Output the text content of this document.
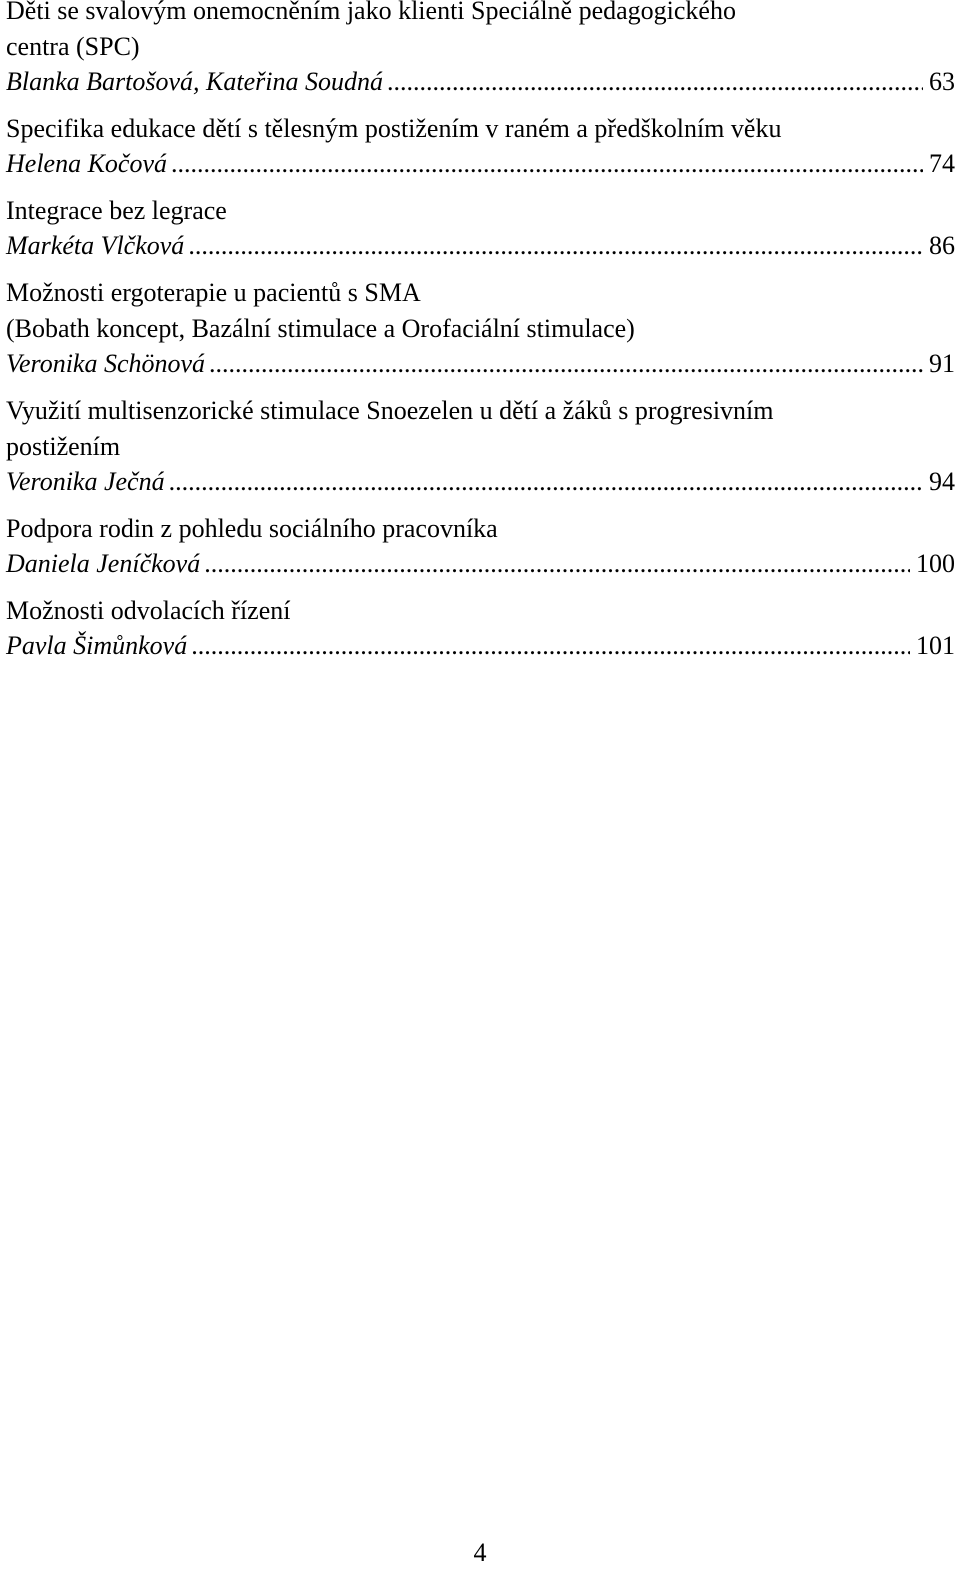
Děti se svalovým onemocněním jako klienti Speciálně pedagogického
centra (SPC)
Blanka Bartošová, Kateřina Soudná .....	63
Specifika edukace dětí s tělesným postižením v raném a předškolním věku
Helena Kočová .....	74
Integrace bez legrace
Markéta Vlčková .....	86
Možnosti ergoterapie u pacientů s SMA
(Bobath koncept, Bazální stimulace a Orofaciální stimulace)
Veronika Schönová .....	91
Využití multisenzorické stimulace Snoezelen u dětí a žáků s progresivním
postižením
Veronika Ječná .....	94
Podpora rodin z pohledu sociálního pracovníka
Daniela Jeníčková .....	100
Možnosti odvolacích řízení
Pavla Šimůnková .....	101
4
